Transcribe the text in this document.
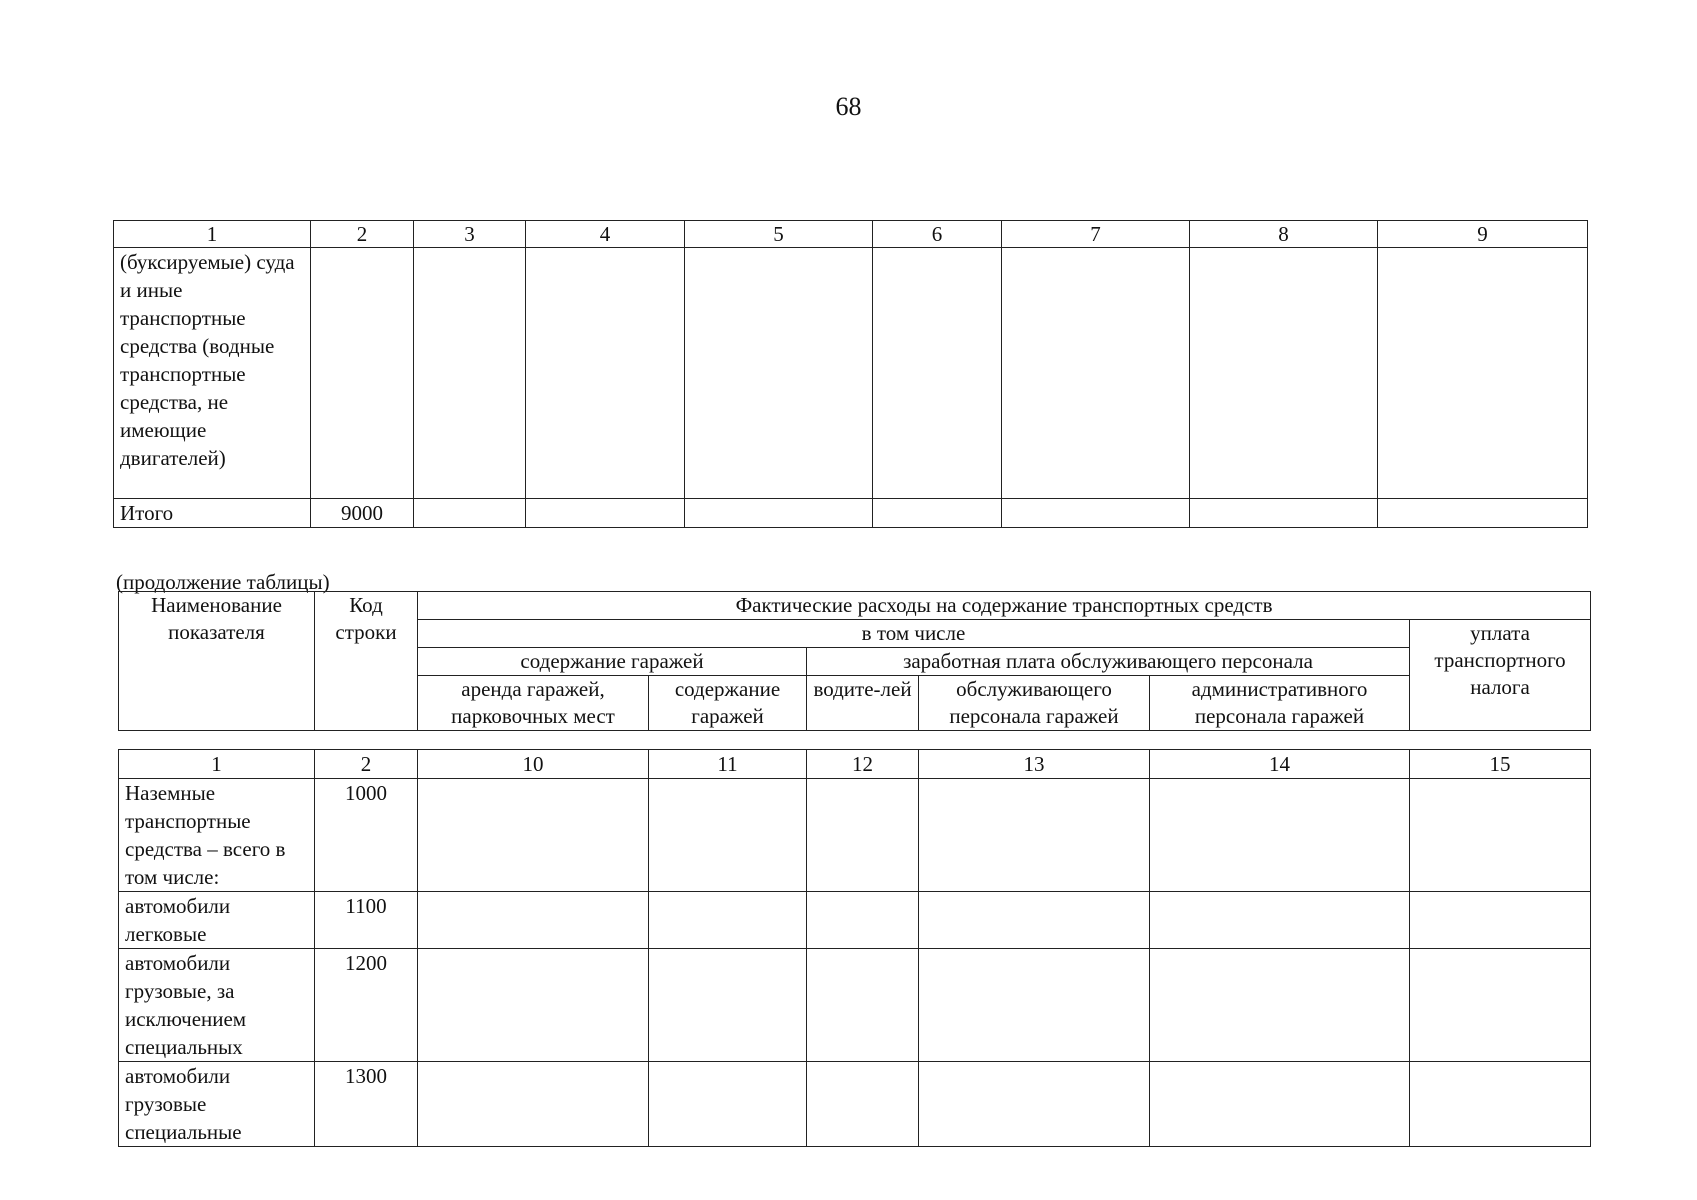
68
1	2	3	4	5	6	7	8	9
(буксируемые) суда и иные транспортные средства (водные транспортные средства, не имеющие двигателей)								
Итого	9000							
(продолжение таблицы)
Наименование показателя	Код строки	Фактические расходы на содержание транспортных средств					
		в том числе					уплата транспортного налога
		содержание гаражей		заработная плата обслуживающего персонала			
		аренда гаражей, парковочных мест	содержание гаражей	водите-лей	обслуживающего персонала гаражей	административного персонала гаражей	
1	2	10	11	12	13	14	15
Наземные транспортные средства – всего в том числе:	1000						
автомобили легковые	1100						
автомобили грузовые, за исключением специальных	1200						
автомобили грузовые специальные	1300						
